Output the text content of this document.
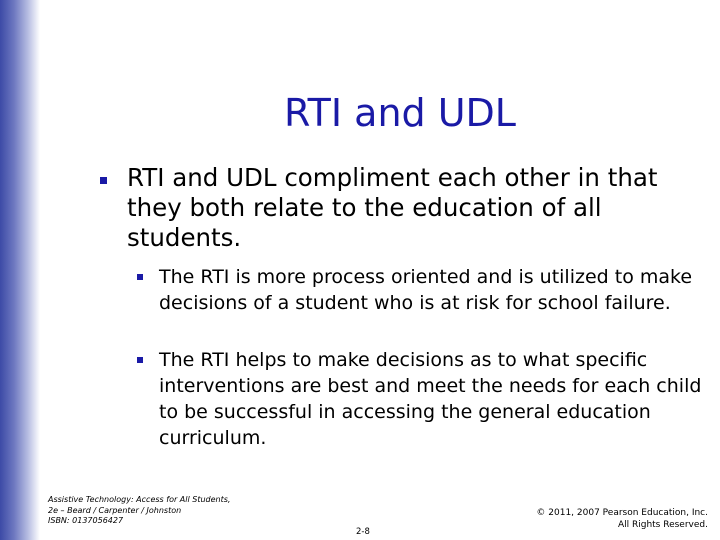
RTI and UDL
RTI and UDL compliment each other in that they both relate to the education of all students.
The RTI is more process oriented and is utilized to make decisions of a student who is at risk for school failure.
The RTI helps to make decisions as to what specific interventions are best and meet the needs for each child to be successful in accessing the general education curriculum.
Assistive Technology: Access for All Students,
2e – Beard / Carpenter / Johnston
ISBN: 0137056427
2-8
© 2011, 2007 Pearson Education, Inc.
All Rights Reserved.
